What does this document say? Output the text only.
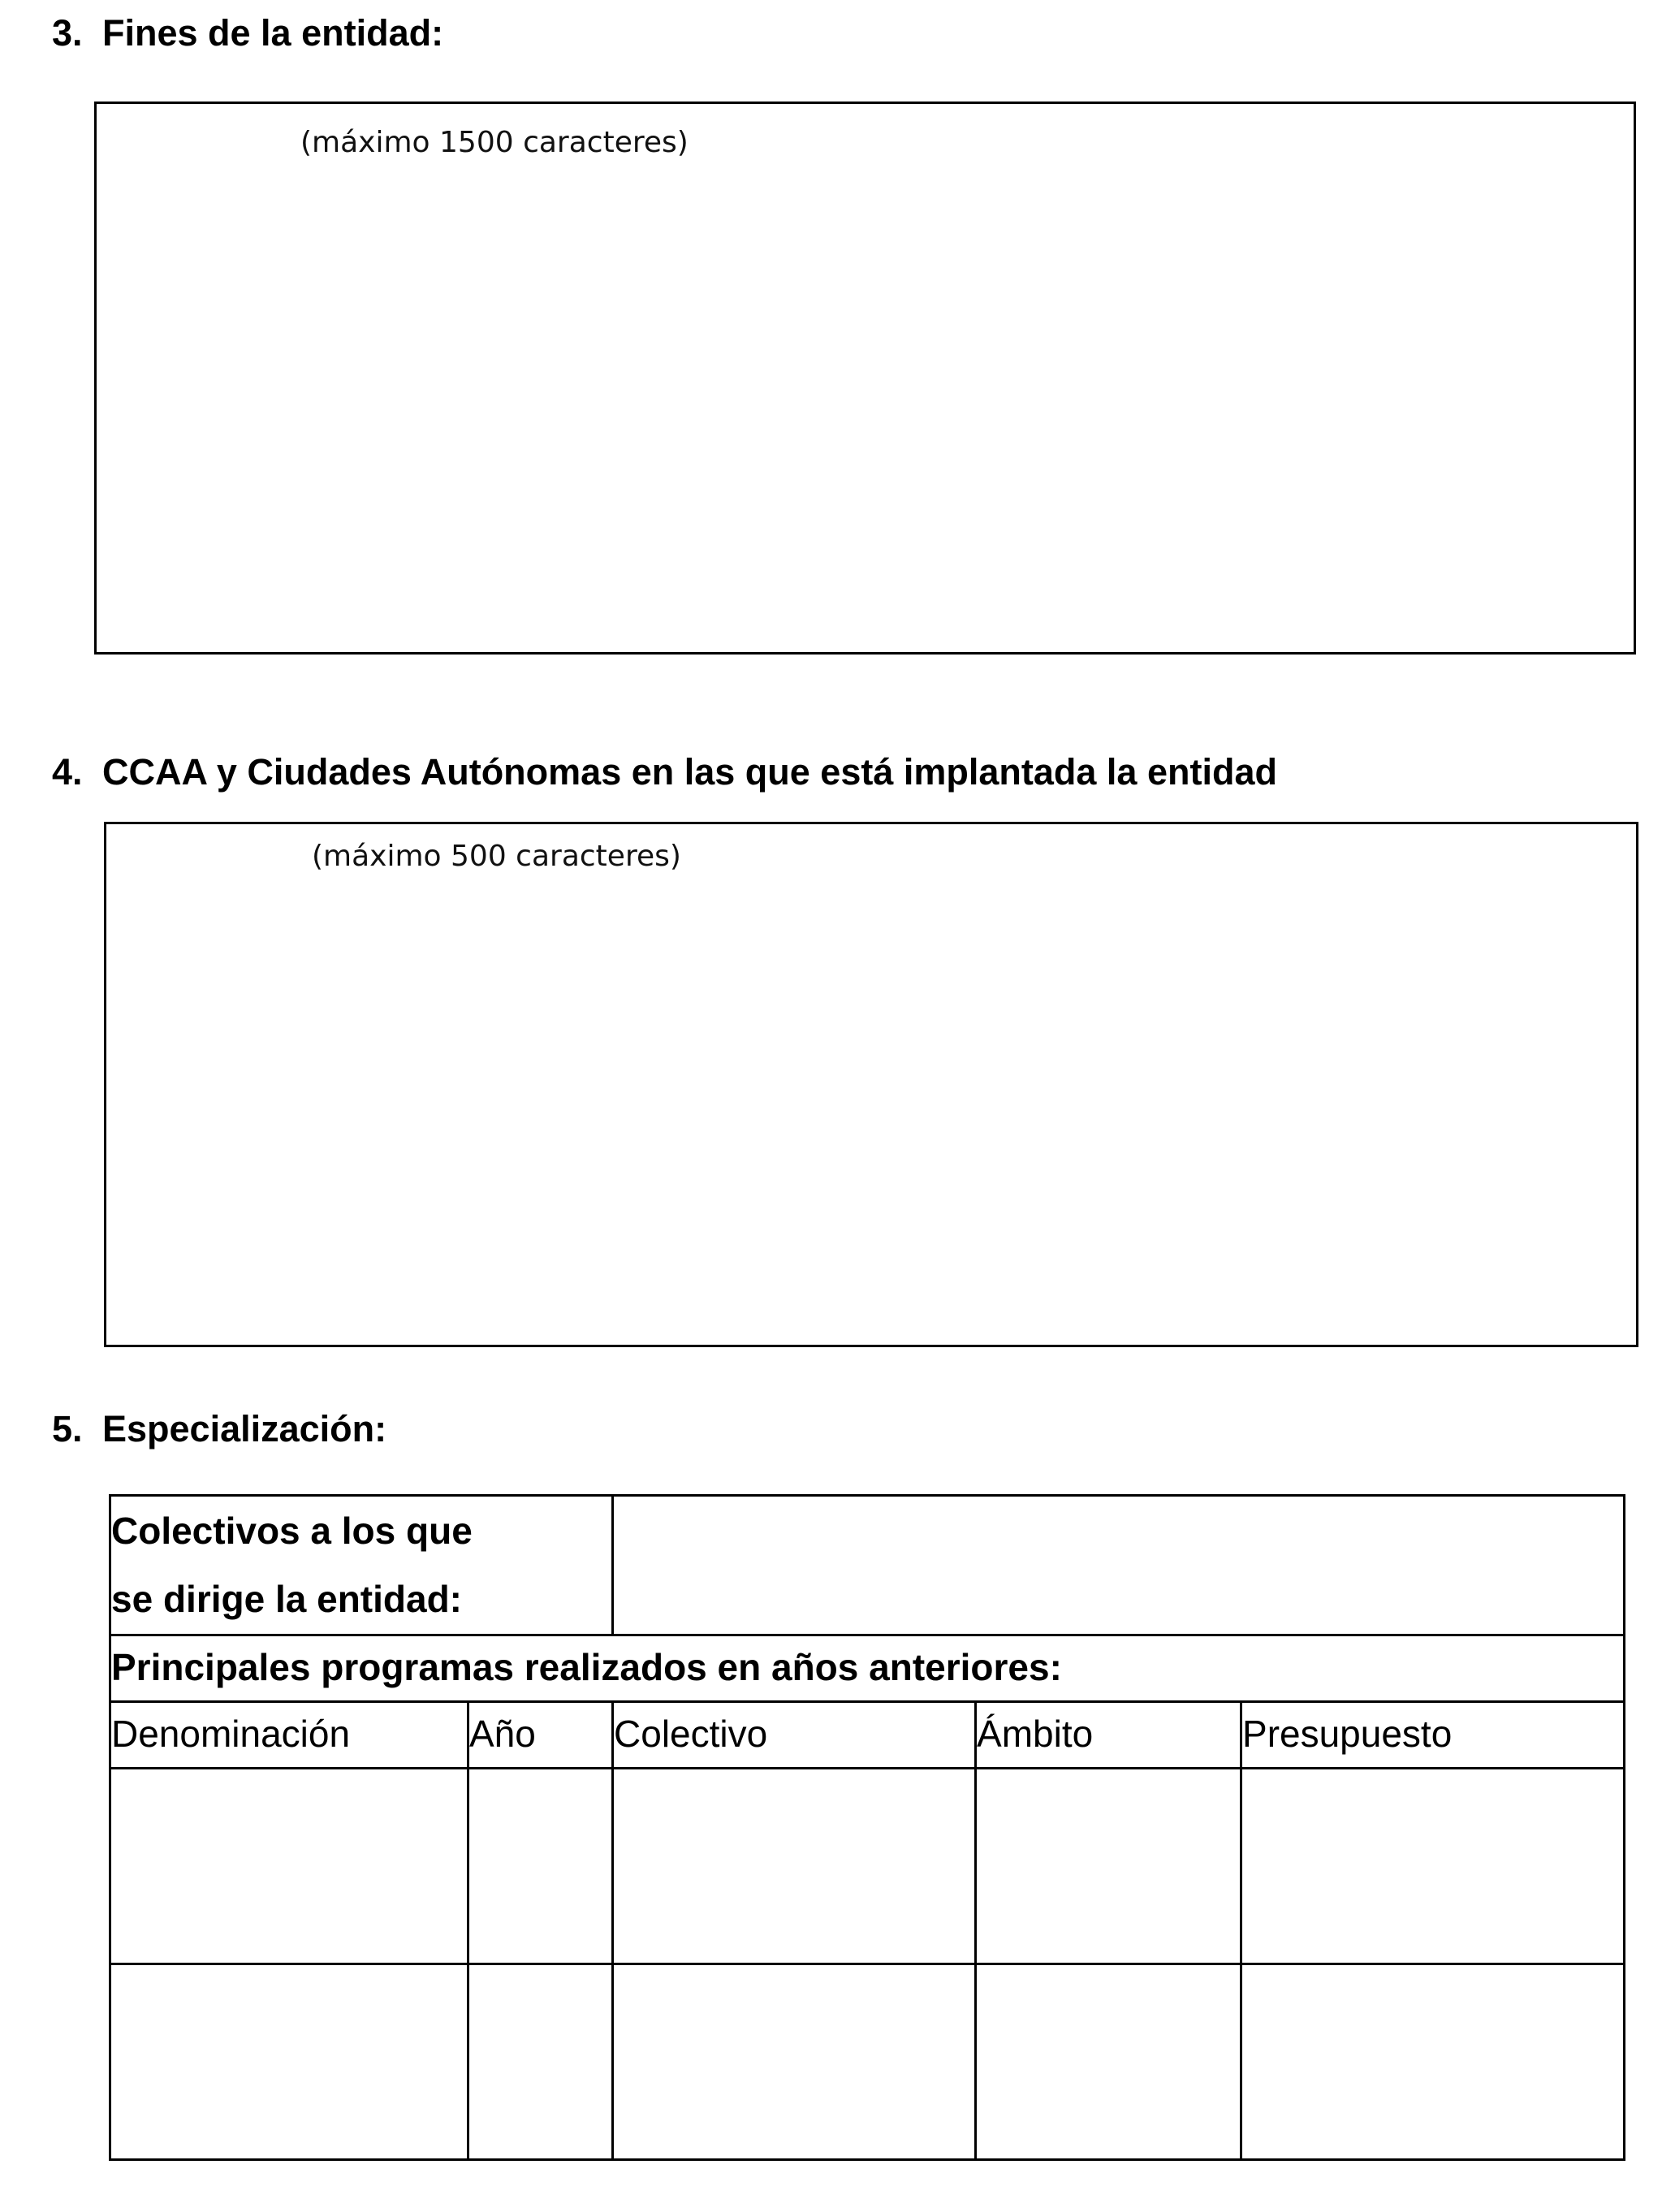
3. Fines de la entidad:
(máximo 1500 caracteres)
4. CCAA y Ciudades Autónomas en las que está implantada la entidad
(máximo 500 caracteres)
5. Especialización:
Colectivos a los que
se dirige la entidad:				

Principales programas realizados en años anteriores:				
Denominación	Año	Colectivo	Ámbito	Presupuesto
